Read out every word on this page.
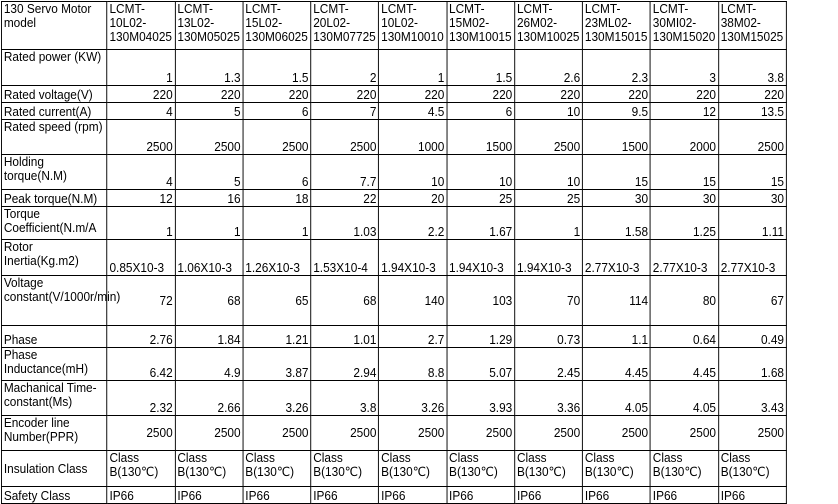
130 Servo Motor model	LCMT-10L02-130M04025	LCMT-13L02-130M05025	LCMT-15L02-130M06025	LCMT-20L02-130M07725	LCMT-10L02-130M10010	LCMT-15M02-130M10015	LCMT-26M02-130M10025	LCMT-23ML02-130M15015	LCMT-30MI02-130M15020	LCMT-38M02-130M15025
Rated power (KW)	1	1.3	1.5	2	1	1.5	2.6	2.3	3	3.8
Rated voltage(V)	220	220	220	220	220	220	220	220	220	220
Rated current(A)	4	5	6	7	4.5	6	10	9.5	12	13.5
Rated speed (rpm)	2500	2500	2500	2500	1000	1500	2500	1500	2000	2500
Holding torque(N.M)	4	5	6	7.7	10	10	10	15	15	15
Peak torque(N.M)	12	16	18	22	20	25	25	30	30	30
Torque Coefficient(N.m/A	1	1	1	1.03	2.2	1.67	1	1.58	1.25	1.11
Rotor Inertia(Kg.m2)	0.85X10-3	1.06X10-3	1.26X10-3	1.53X10-4	1.94X10-3	1.94X10-3	1.94X10-3	2.77X10-3	2.77X10-3	2.77X10-3
Voltage constant(V/1000r/min)	72	68	65	68	140	103	70	114	80	67
Phase	2.76	1.84	1.21	1.01	2.7	1.29	0.73	1.1	0.64	0.49
Phase Inductance(mH)	6.42	4.9	3.87	2.94	8.8	5.07	2.45	4.45	4.45	1.68
Machanical Time-constant(Ms)	2.32	2.66	3.26	3.8	3.26	3.93	3.36	4.05	4.05	3.43
Encoder line Number(PPR)	2500	2500	2500	2500	2500	2500	2500	2500	2500	2500
Insulation Class	Class B(130℃)	Class B(130℃)	Class B(130℃)	Class B(130℃)	Class B(130℃)	Class B(130℃)	Class B(130℃)	Class B(130℃)	Class B(130℃)	Class B(130℃)
Safety Class	IP66	IP66	IP66	IP66	IP66	IP66	IP66	IP66	IP66	IP66
